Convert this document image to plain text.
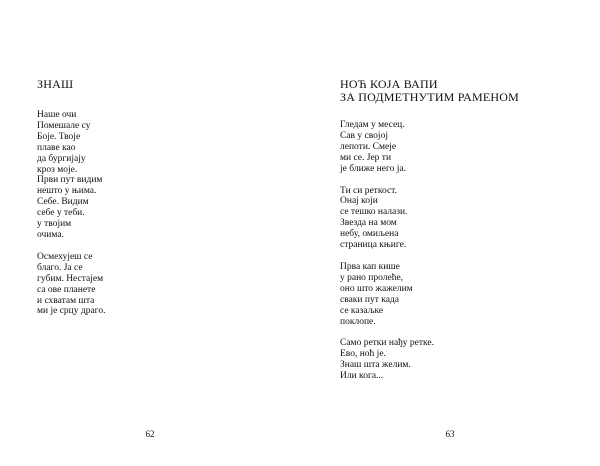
ЗНАШ
Наше очи
Помешале су
Боје. Твоје
плаве као
да бургијају
кроз моје.
Први пут видим
нешто у њима.
Себе. Видим
себе у теби.
у твојим
очима.
Осмехујеш се
благо. Ја се
губим. Нестајем
са ове планете
и схватам шта
ми је срцу драго.
62
НОЋ КОЈА ВАПИ
ЗА ПОДМЕТНУТИМ РАМЕНОМ
Гледам у месец.
Сав у својој
лепоти. Смеје
ми се. Јер ти
је ближе него ја.
Ти си реткост.
Онај који
се тешко налази.
Звезда на мом
небу, омиљена
страница књиге.
Прва кап кише
у рано пролеће,
оно што жажелим
сваки пут када
се казаљке
поклопе.
Само ретки нађу ретке.
Ево, ноћ је.
Знаш шта желим.
Или кога...
63
